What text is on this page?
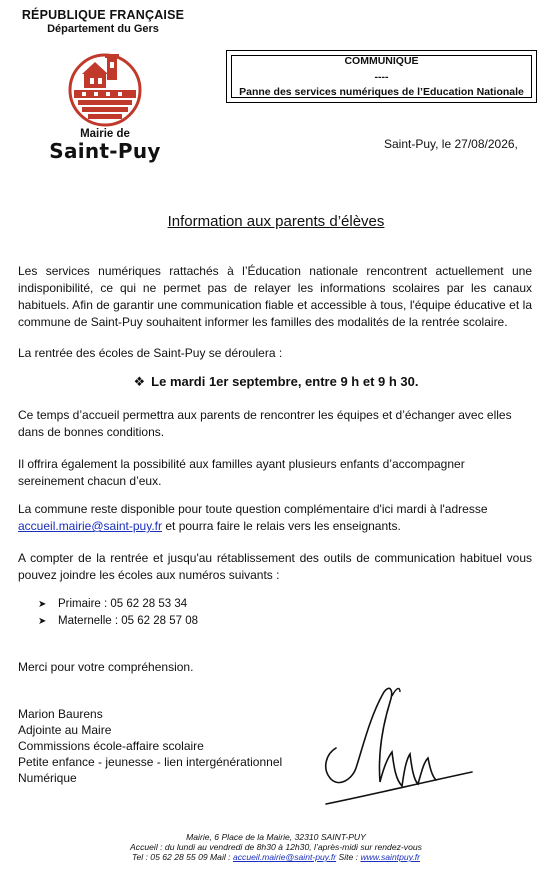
RÉPUBLIQUE FRANÇAISE
Département du Gers
Mairie de
Saint-Puy
COMMUNIQUE
----
Panne des services numériques de l’Education Nationale
Saint-Puy, le 27/08/2026,
Information aux parents d’élèves
Les services numériques rattachés à l’Éducation nationale rencontrent actuellement une indisponibilité, ce qui ne permet pas de relayer les informations scolaires par les canaux habituels. Afin de garantir une communication fiable et accessible à tous, l'équipe éducative et la commune de Saint-Puy souhaitent informer les familles des modalités de la rentrée scolaire.
La rentrée des écoles de Saint-Puy se déroulera :
❖ Le mardi 1er septembre, entre 9 h et 9 h 30.
Ce temps d’accueil permettra aux parents de rencontrer les équipes et d’échanger avec elles dans de bonnes conditions.
Il offrira également la possibilité aux familles ayant plusieurs enfants d’accompagner sereinement chacun d’eux.
La commune reste disponible pour toute question complémentaire d'ici mardi à l'adresse
accueil.mairie@saint-puy.fr et pourra faire le relais vers les enseignants.
A compter de la rentrée et jusqu'au rétablissement des outils de communication habituel vous pouvez joindre les écoles aux numéros suivants :
➤ Primaire : 05 62 28 53 34
➤ Maternelle : 05 62 28 57 08
Merci pour votre compréhension.
Marion Baurens
Adjointe au Maire
Commissions école-affaire scolaire
Petite enfance - jeunesse - lien intergénérationnel
Numérique
Mairie, 6 Place de la Mairie, 32310 SAINT-PUY
Accueil : du lundi au vendredi de 8h30 à 12h30, l’après-midi sur rendez-vous
Tel : 05 62 28 55 09 Mail : accueil.mairie@saint-puy.fr Site : www.saintpuy.fr
